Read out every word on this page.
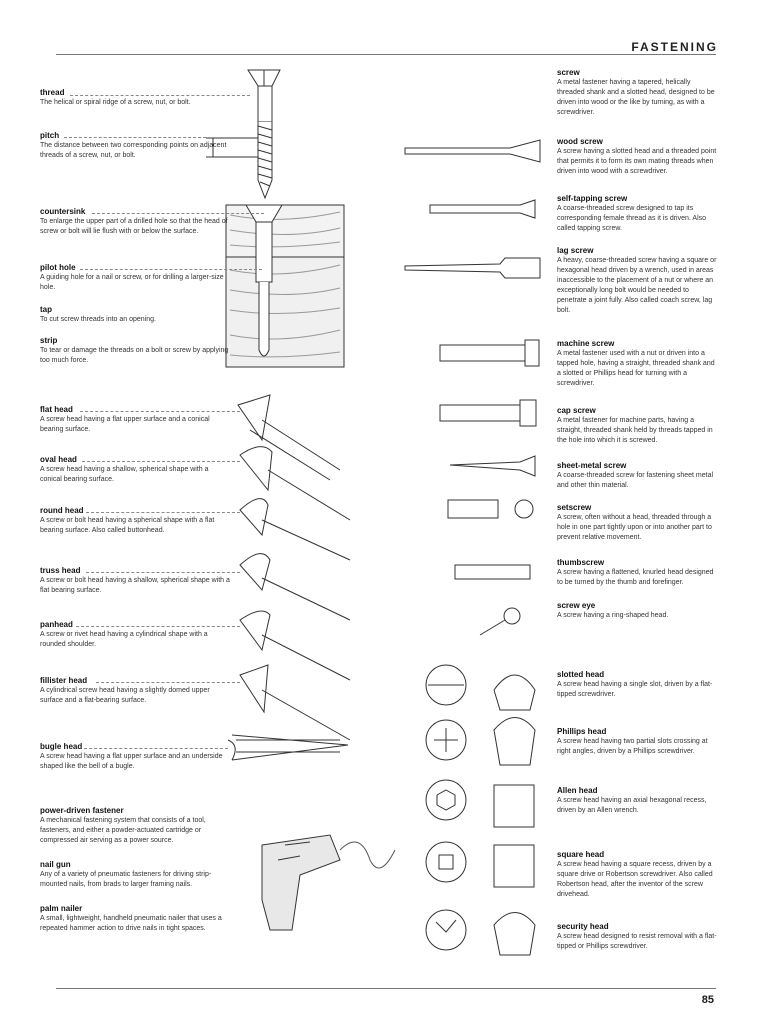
FASTENING
thread
The helical or spiral ridge of a screw, nut, or bolt.
pitch
The distance between two corresponding points on adjacent threads of a screw, nut, or bolt.
countersink
To enlarge the upper part of a drilled hole so that the head of screw or bolt will lie flush with or below the surface.
pilot hole
A guiding hole for a nail or screw, or for drilling a larger-size hole.
tap
To cut screw threads into an opening.
strip
To tear or damage the threads on a bolt or screw by applying too much force.
flat head
A screw head having a flat upper surface and a conical bearing surface.
oval head
A screw head having a shallow, spherical shape with a conical bearing surface.
round head
A screw or bolt head having a spherical shape with a flat bearing surface. Also called buttonhead.
truss head
A screw or bolt head having a shallow, spherical shape with a flat bearing surface.
panhead
A screw or rivet head having a cylindrical shape with a rounded shoulder.
fillister head
A cylindrical screw head having a slightly domed upper surface and a flat-bearing surface.
bugle head
A screw head having a flat upper surface and an underside shaped like the bell of a bugle.
power-driven fastener
A mechanical fastening system that consists of a tool, fasteners, and either a powder-actuated cartridge or compressed air serving as a power source.
nail gun
Any of a variety of pneumatic fasteners for driving strip-mounted nails, from brads to larger framing nails.
palm nailer
A small, lightweight, handheld pneumatic nailer that uses a repeated hammer action to drive nails in tight spaces.
screw
A metal fastener having a tapered, helically threaded shank and a slotted head, designed to be driven into wood or the like by turning, as with a screwdriver.
wood screw
A screw having a slotted head and a threaded point that permits it to form its own mating threads when driven into wood with a screwdriver.
self-tapping screw
A coarse-threaded screw designed to tap its corresponding female thread as it is driven. Also called tapping screw.
lag screw
A heavy, coarse-threaded screw having a square or hexagonal head driven by a wrench, used in areas inaccessible to the placement of a nut or where an exceptionally long bolt would be needed to penetrate a joint fully. Also called coach screw, lag bolt.
machine screw
A metal fastener used with a nut or driven into a tapped hole, having a straight, threaded shank and a slotted or Phillips head for turning with a screwdriver.
cap screw
A metal fastener for machine parts, having a straight, threaded shank held by threads tapped in the hole into which it is screwed.
sheet-metal screw
A coarse-threaded screw for fastening sheet metal and other thin material.
setscrew
A screw, often without a head, threaded through a hole in one part tightly upon or into another part to prevent relative movement.
thumbscrew
A screw having a flattened, knurled head designed to be turned by the thumb and forefinger.
screw eye
A screw having a ring-shaped head.
slotted head
A screw head having a single slot, driven by a flat-tipped screwdriver.
Phillips head
A screw head having two partial slots crossing at right angles, driven by a Phillips screwdriver.
Allen head
A screw head having an axial hexagonal recess, driven by an Allen wrench.
square head
A screw head having a square recess, driven by a square drive or Robertson screwdriver. Also called Robertson head, after the inventor of the screw drivehead.
security head
A screw head designed to resist removal with a flat-tipped or Phillips screwdriver.
85
